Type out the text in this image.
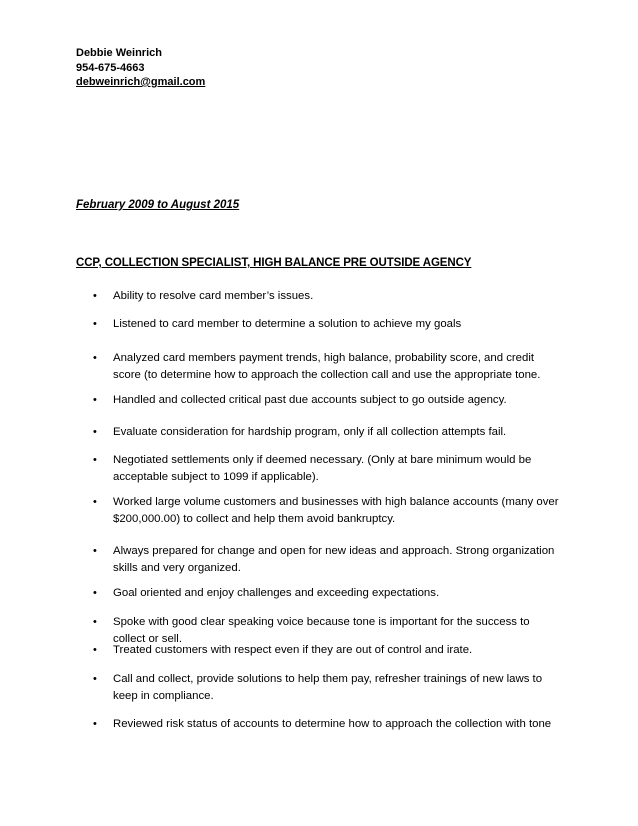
Debbie Weinrich
954-675-4663
debweinrich@gmail.com
February 2009 to August 2015
CCP, COLLECTION SPECIALIST, HIGH BALANCE PRE OUTSIDE AGENCY
• Ability to resolve card member’s issues.
• Listened to card member to determine a solution to achieve my goals
• Analyzed card members payment trends, high balance, probability score, and credit
score (to determine how to approach the collection call and use the appropriate tone.
• Handled and collected critical past due accounts subject to go outside agency.
• Evaluate consideration for hardship program, only if all collection attempts fail.
• Negotiated settlements only if deemed necessary. (Only at bare minimum would be
acceptable subject to 1099 if applicable).
• Worked large volume customers and businesses with high balance accounts (many over
$200,000.00) to collect and help them avoid bankruptcy.
• Always prepared for change and open for new ideas and approach. Strong organization
skills and very organized.
• Goal oriented and enjoy challenges and exceeding expectations.
• Spoke with good clear speaking voice because tone is important for the success to
collect or sell.
• Treated customers with respect even if they are out of control and irate.
• Call and collect, provide solutions to help them pay, refresher trainings of new laws to
keep in compliance.
• Reviewed risk status of accounts to determine how to approach the collection with tone
